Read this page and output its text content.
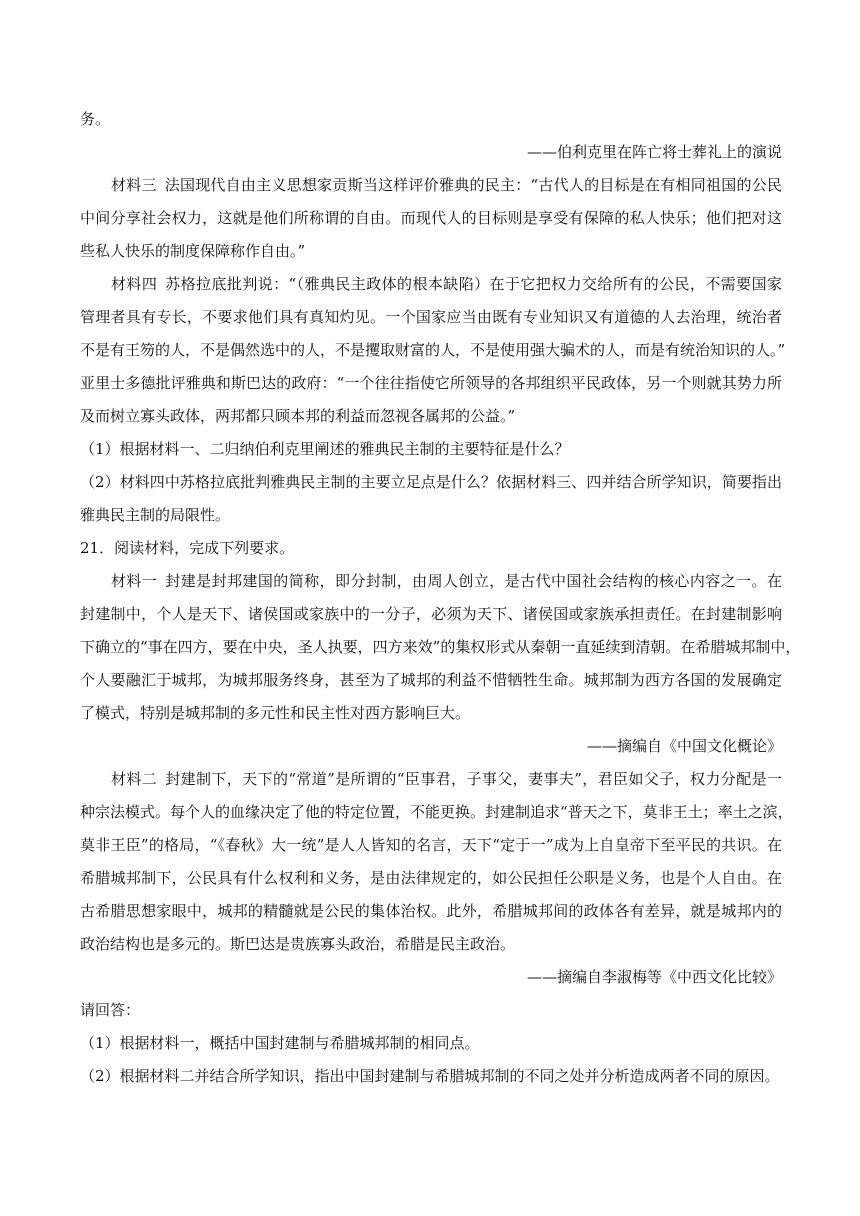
务。
——伯利克里在阵亡将士葬礼上的演说
材料三 法国现代自由主义思想家贡斯当这样评价雅典的民主：“古代人的目标是在有相同祖国的公民
中间分享社会权力，这就是他们所称谓的自由。而现代人的目标则是享受有保障的私人快乐；他们把对这
些私人快乐的制度保障称作自由。”
材料四 苏格拉底批判说：“（雅典民主政体的根本缺陷）在于它把权力交给所有的公民，不需要国家
管理者具有专长，不要求他们具有真知灼见。一个国家应当由既有专业知识又有道德的人去治理，统治者
不是有王笏的人，不是偶然选中的人，不是攫取财富的人，不是使用强大骗术的人，而是有统治知识的人。”
亚里士多德批评雅典和斯巴达的政府：“一个往往指使它所领导的各邦组织平民政体，另一个则就其势力所
及而树立寡头政体，两邦都只顾本邦的利益而忽视各属邦的公益。”
（1）根据材料一、二归纳伯利克里阐述的雅典民主制的主要特征是什么？
（2）材料四中苏格拉底批判雅典民主制的主要立足点是什么？依据材料三、四并结合所学知识，简要指出
雅典民主制的局限性。
21．阅读材料，完成下列要求。
材料一 封建是封邦建国的简称，即分封制，由周人创立，是古代中国社会结构的核心内容之一。在
封建制中，个人是天下、诸侯国或家族中的一分子，必须为天下、诸侯国或家族承担责任。在封建制影响
下确立的“事在四方，要在中央，圣人执要，四方来效”的集权形式从秦朝一直延续到清朝。在希腊城邦制中，
个人要融汇于城邦，为城邦服务终身，甚至为了城邦的利益不惜牺牲生命。城邦制为西方各国的发展确定
了模式，特别是城邦制的多元性和民主性对西方影响巨大。
——摘编自《中国文化概论》
材料二 封建制下，天下的“常道”是所谓的“臣事君，子事父，妻事夫”，君臣如父子，权力分配是一
种宗法模式。每个人的血缘决定了他的特定位置，不能更换。封建制追求“普天之下，莫非王土；率土之滨，
莫非王臣”的格局，“《春秋》大一统”是人人皆知的名言，天下“定于一”成为上自皇帝下至平民的共识。在
希腊城邦制下，公民具有什么权利和义务，是由法律规定的，如公民担任公职是义务，也是个人自由。在
古希腊思想家眼中，城邦的精髓就是公民的集体治权。此外，希腊城邦间的政体各有差异，就是城邦内的
政治结构也是多元的。斯巴达是贵族寡头政治，希腊是民主政治。
——摘编自李淑梅等《中西文化比较》
请回答：
（1）根据材料一，概括中国封建制与希腊城邦制的相同点。
（2）根据材料二并结合所学知识，指出中国封建制与希腊城邦制的不同之处并分析造成两者不同的原因。
